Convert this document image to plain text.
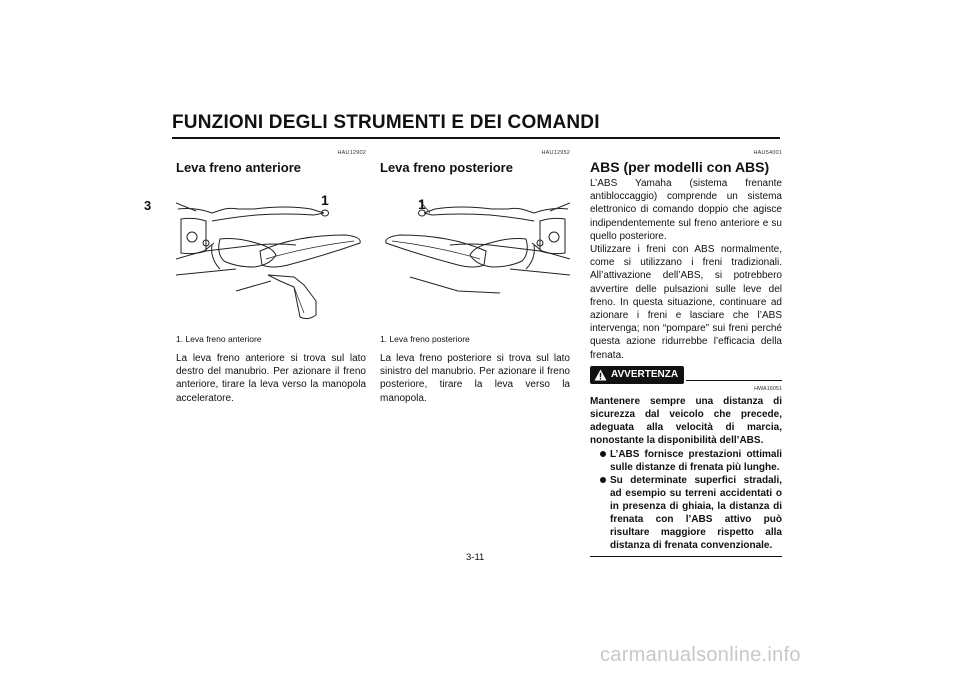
FUNZIONI DEGLI STRUMENTI E DEI COMANDI
3
HAU12902
Leva freno anteriore
1
1. Leva freno anteriore
La leva freno anteriore si trova sul lato destro del manubrio. Per azionare il freno anteriore, tirare la leva verso la manopola acceleratore.
HAU12952
Leva freno posteriore
1
1. Leva freno posteriore
La leva freno posteriore si trova sul lato sinistro del manubrio. Per azionare il freno posteriore, tirare la leva verso la manopola.
HAU54001
ABS (per modelli con ABS)
L’ABS Yamaha (sistema frenante antibloccaggio) comprende un sistema elettronico di comando doppio che agisce indipendentemente sul freno anteriore e su quello posteriore.
Utilizzare i freni con ABS normalmente, come si utilizzano i freni tradizionali. All’attivazione dell’ABS, si potrebbero avvertire delle pulsazioni sulle leve del freno. In questa situazione, continuare ad azionare i freni e lasciare che l’ABS intervenga; non “pompare” sui freni perché questa azione ridurrebbe l’efficacia della frenata.
AVVERTENZA
HWA16051
Mantenere sempre una distanza di sicurezza dal veicolo che precede, adeguata alla velocità di marcia, nonostante la disponibilità dell’ABS.
L’ABS fornisce prestazioni ottimali sulle distanze di frenata più lunghe.
Su determinate superfici stradali, ad esempio su terreni accidentati o in presenza di ghiaia, la distanza di frenata con l’ABS attivo può risultare maggiore rispetto alla distanza di frenata convenzionale.
3-11
carmanualsonline.info
